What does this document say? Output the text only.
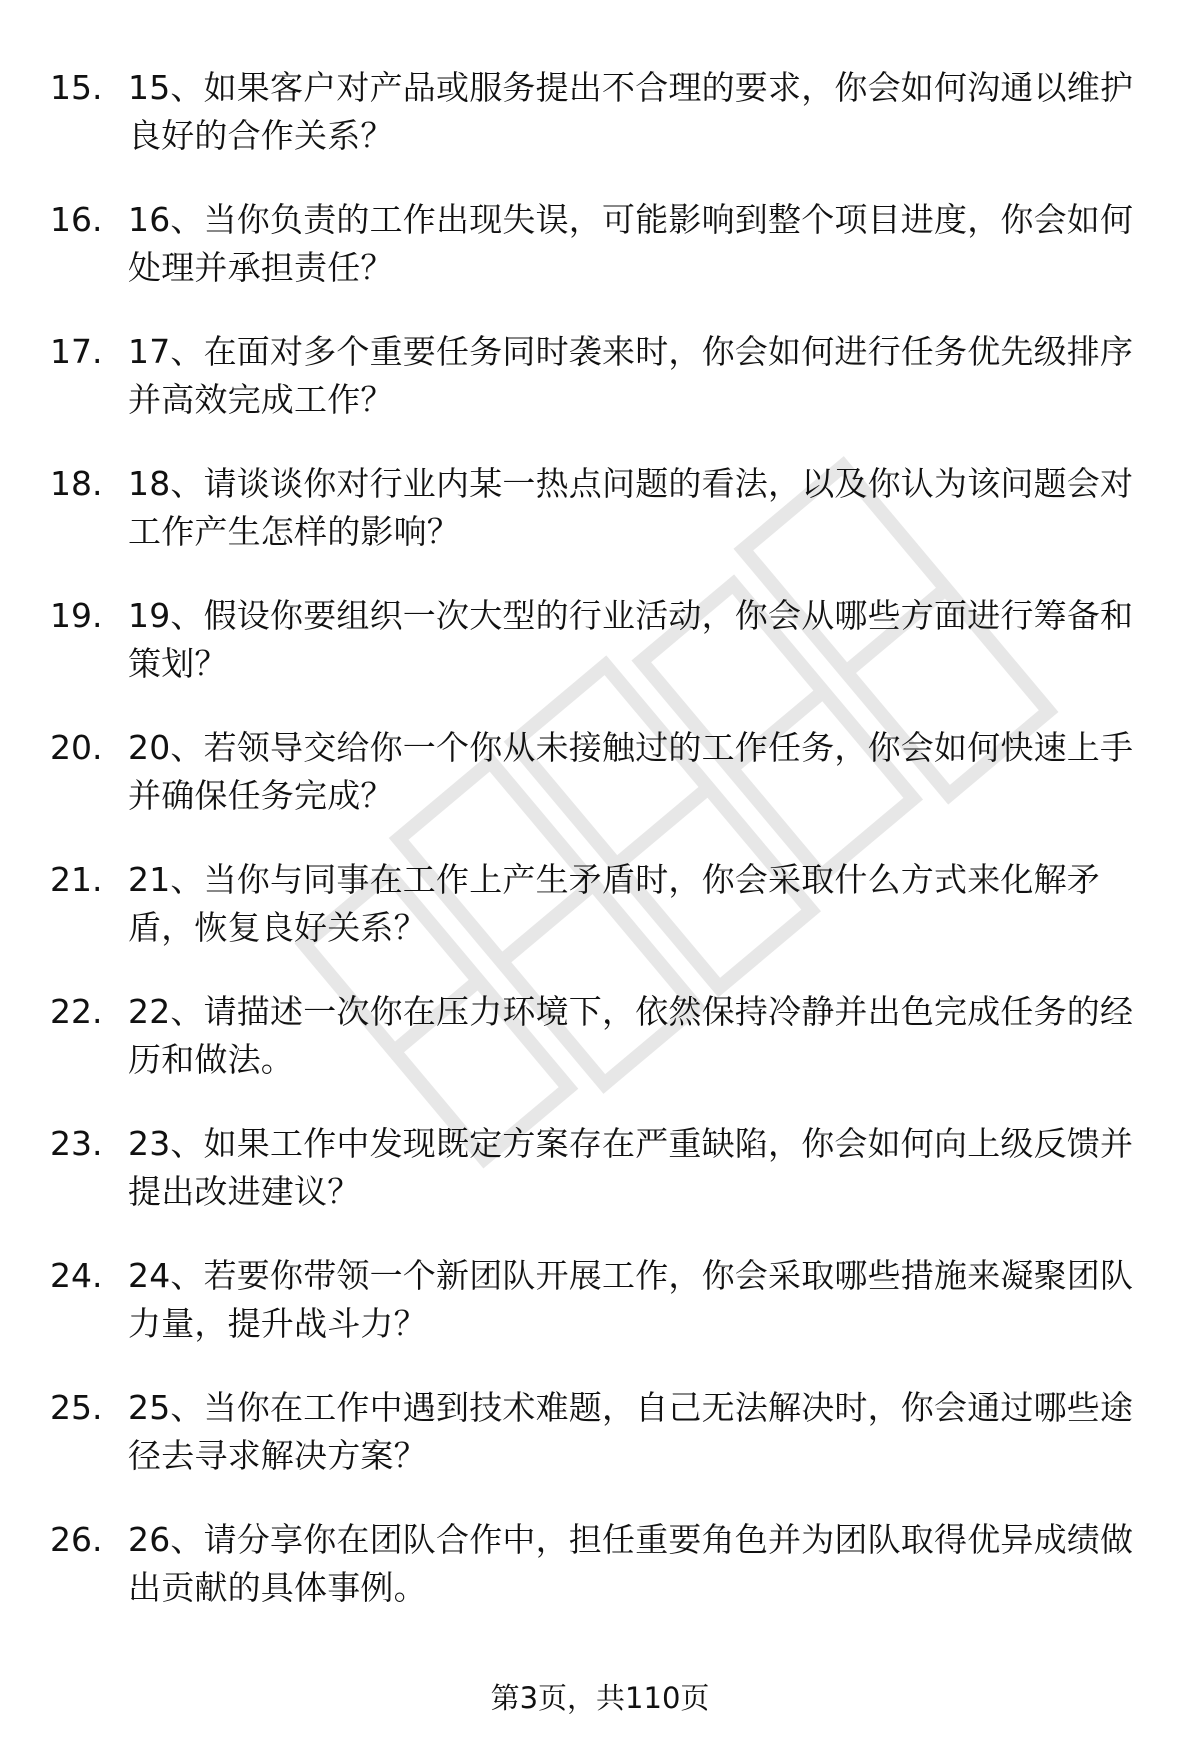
15. 15、如果客户对产品或服务提出不合理的要求，你会如何沟通以维护良好的合作关系？
16. 16、当你负责的工作出现失误，可能影响到整个项目进度，你会如何处理并承担责任？
17. 17、在面对多个重要任务同时袭来时，你会如何进行任务优先级排序并高效完成工作？
18. 18、请谈谈你对行业内某一热点问题的看法，以及你认为该问题会对工作产生怎样的影响？
19. 19、假设你要组织一次大型的行业活动，你会从哪些方面进行筹备和策划？
20. 20、若领导交给你一个你从未接触过的工作任务，你会如何快速上手并确保任务完成？
21. 21、当你与同事在工作上产生矛盾时，你会采取什么方式来化解矛盾，恢复良好关系？
22. 22、请描述一次你在压力环境下，依然保持冷静并出色完成任务的经历和做法。
23. 23、如果工作中发现既定方案存在严重缺陷，你会如何向上级反馈并提出改进建议？
24. 24、若要你带领一个新团队开展工作，你会采取哪些措施来凝聚团队力量，提升战斗力？
25. 25、当你在工作中遇到技术难题，自己无法解决时，你会通过哪些途径去寻求解决方案？
26. 26、请分享你在团队合作中，担任重要角色并为团队取得优异成绩做出贡献的具体事例。
第3页，共110页
